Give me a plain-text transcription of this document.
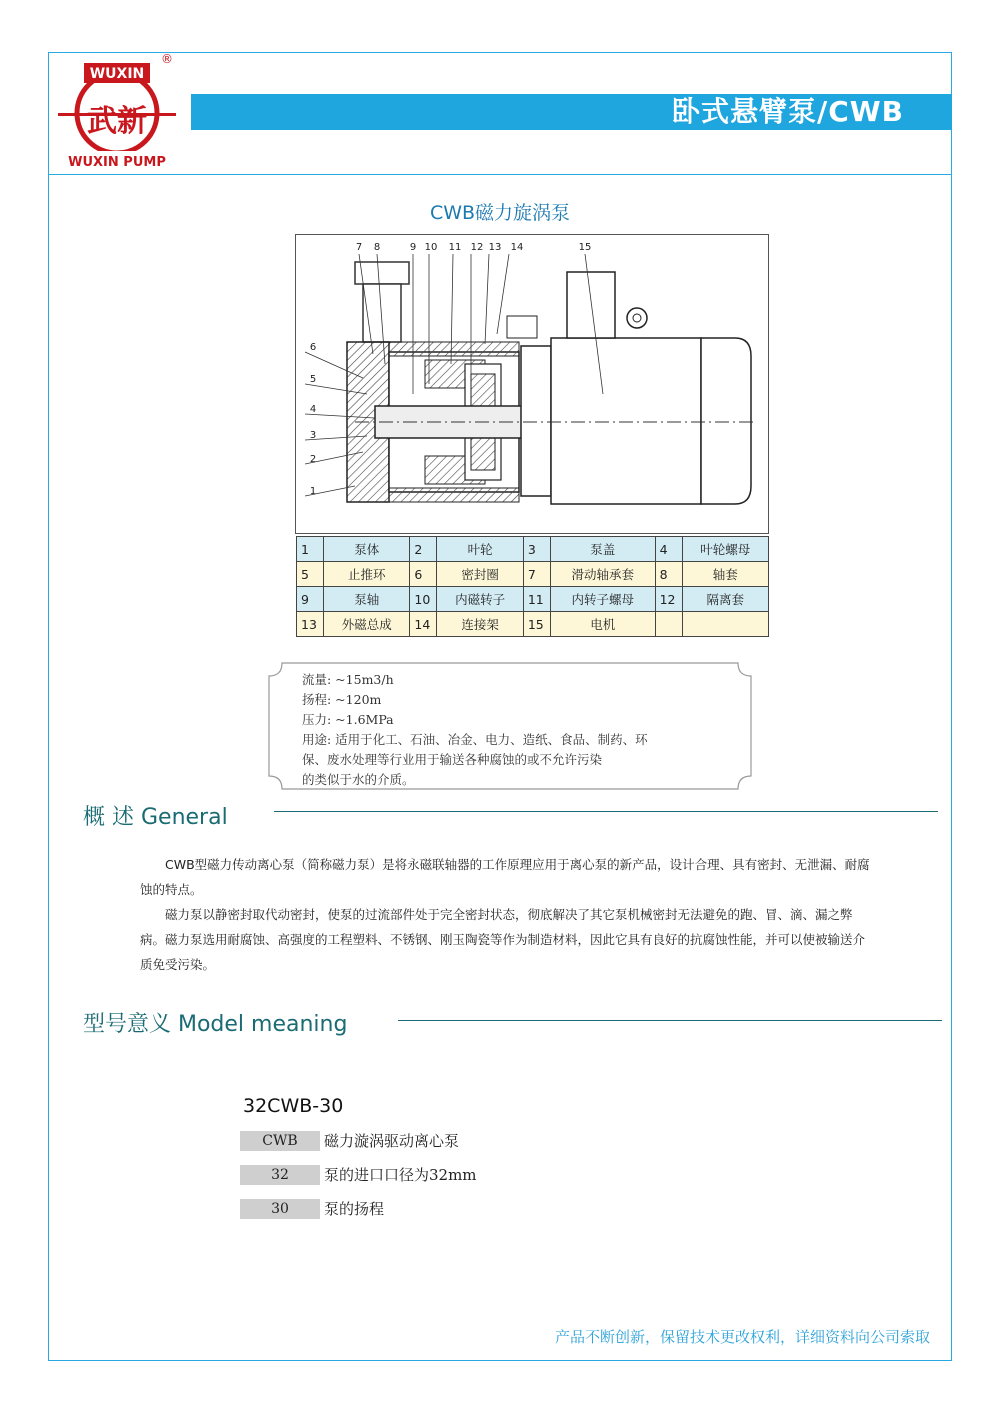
WUXIN
武新
WUXIN PUMP
®
卧式悬臂泵/CWB
CWB磁力旋涡泵
7 8	9 10 11 12 13 14	15
6
5
4
3
2
1
1	泵体	2	叶轮	3	泵盖	4	叶轮螺母
5	止推环	6	密封圈	7	滑动轴承套	8	轴套
9	泵轴	10	内磁转子	11	内转子螺母	12	隔离套
13	外磁总成	14	连接架	15	电机		
流量: ~15m3/h
扬程: ~120m
压力: ~1.6MPa
用途: 适用于化工、石油、冶金、电力、造纸、食品、制药、环
保、废水处理等行业用于输送各种腐蚀的或不允许污染
的类似于水的介质。
概 述 General
　　CWB型磁力传动离心泵（简称磁力泵）是将永磁联轴器的工作原理应用于离心泵的新产品，设计合理、具有密封、无泄漏、耐腐蚀的特点。
　　磁力泵以静密封取代动密封，使泵的过流部件处于完全密封状态，彻底解决了其它泵机械密封无法避免的跑、冒、滴、漏之弊病。磁力泵选用耐腐蚀、高强度的工程塑料、不锈钢、刚玉陶瓷等作为制造材料，因此它具有良好的抗腐蚀性能，并可以使被输送介质免受污染。
型号意义 Model meaning
32CWB-30
CWB	磁力漩涡驱动离心泵
32	泵的进口口径为32mm
30	泵的扬程
产品不断创新，保留技术更改权利，详细资料向公司索取
